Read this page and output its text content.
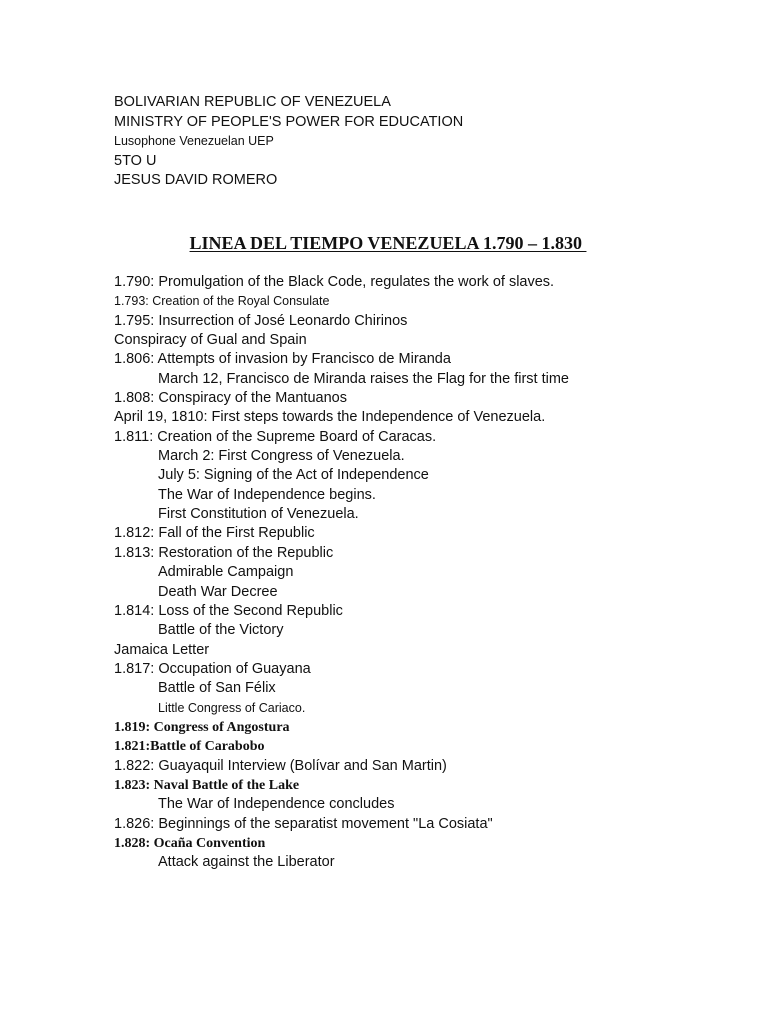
BOLIVARIAN REPUBLIC OF VENEZUELA
MINISTRY OF PEOPLE'S POWER FOR EDUCATION
Lusophone Venezuelan UEP
5TO U
JESUS DAVID ROMERO
LINEA DEL TIEMPO VENEZUELA 1.790 – 1.830
1.790: Promulgation of the Black Code, regulates the work of slaves.
1.793: Creation of the Royal Consulate
1.795: Insurrection of José Leonardo Chirinos
Conspiracy of Gual and Spain
1.806: Attempts of invasion by Francisco de Miranda
March 12, Francisco de Miranda raises the Flag for the first time
1.808: Conspiracy of the Mantuanos
April 19, 1810: First steps towards the Independence of Venezuela.
1.811: Creation of the Supreme Board of Caracas.
March 2: First Congress of Venezuela.
July 5: Signing of the Act of Independence
The War of Independence begins.
First Constitution of Venezuela.
1.812: Fall of the First Republic
1.813: Restoration of the Republic
Admirable Campaign
Death War Decree
1.814: Loss of the Second Republic
Battle of the Victory
Jamaica Letter
1.817: Occupation of Guayana
Battle of San Félix
Little Congress of Cariaco.
1.819: Congress of Angostura
1.821:Battle of Carabobo
1.822: Guayaquil Interview (Bolívar and San Martin)
1.823: Naval Battle of the Lake
The War of Independence concludes
1.826: Beginnings of the separatist movement "La Cosiata"
1.828: Ocaña Convention
Attack against the Liberator
